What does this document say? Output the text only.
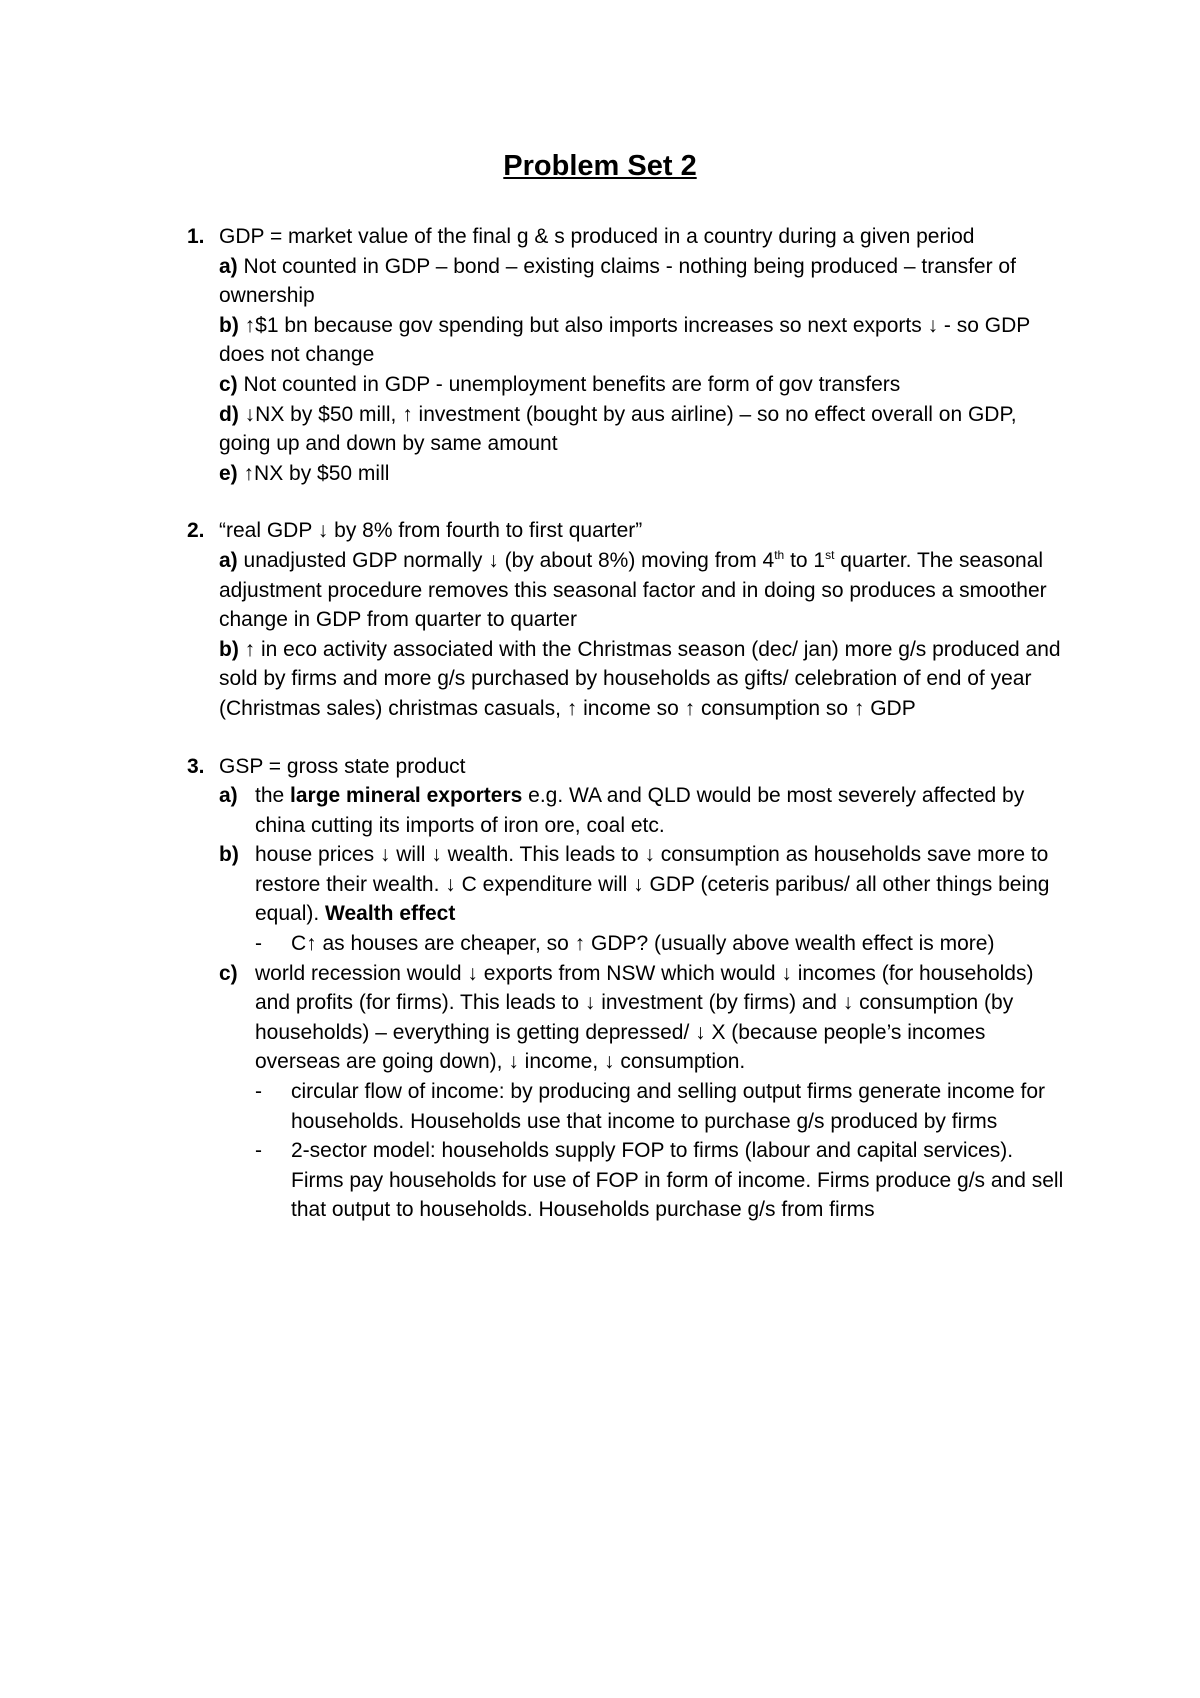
Problem Set 2
1. GDP = market value of the final g & s produced in a country during a given period
a) Not counted in GDP – bond – existing claims - nothing being produced – transfer of ownership
b) ↑$1 bn because gov spending but also imports increases so next exports ↓ - so GDP does not change
c) Not counted in GDP - unemployment benefits are form of gov transfers
d) ↓NX by $50 mill, ↑ investment (bought by aus airline) – so no effect overall on GDP, going up and down by same amount
e) ↑NX by $50 mill
2. “real GDP ↓ by 8% from fourth to first quarter”
a) unadjusted GDP normally ↓ (by about 8%) moving from 4th to 1st quarter. The seasonal adjustment procedure removes this seasonal factor and in doing so produces a smoother change in GDP from quarter to quarter
b) ↑ in eco activity associated with the Christmas season (dec/ jan) more g/s produced and sold by firms and more g/s purchased by households as gifts/ celebration of end of year (Christmas sales) christmas casuals, ↑ income so ↑ consumption so ↑ GDP
3. GSP = gross state product
a) the large mineral exporters e.g. WA and QLD would be most severely affected by china cutting its imports of iron ore, coal etc.
b) house prices ↓ will ↓ wealth. This leads to ↓ consumption as households save more to restore their wealth. ↓ C expenditure will ↓ GDP (ceteris paribus/ all other things being equal). Wealth effect
- C↑ as houses are cheaper, so ↑ GDP? (usually above wealth effect is more)
c) world recession would ↓ exports from NSW which would ↓ incomes (for households) and profits (for firms). This leads to ↓ investment (by firms) and ↓ consumption (by households) – everything is getting depressed/ ↓ X (because people’s incomes overseas are going down), ↓ income, ↓ consumption.
- circular flow of income: by producing and selling output firms generate income for households. Households use that income to purchase g/s produced by firms
- 2-sector model: households supply FOP to firms (labour and capital services). Firms pay households for use of FOP in form of income. Firms produce g/s and sell that output to households. Households purchase g/s from firms
